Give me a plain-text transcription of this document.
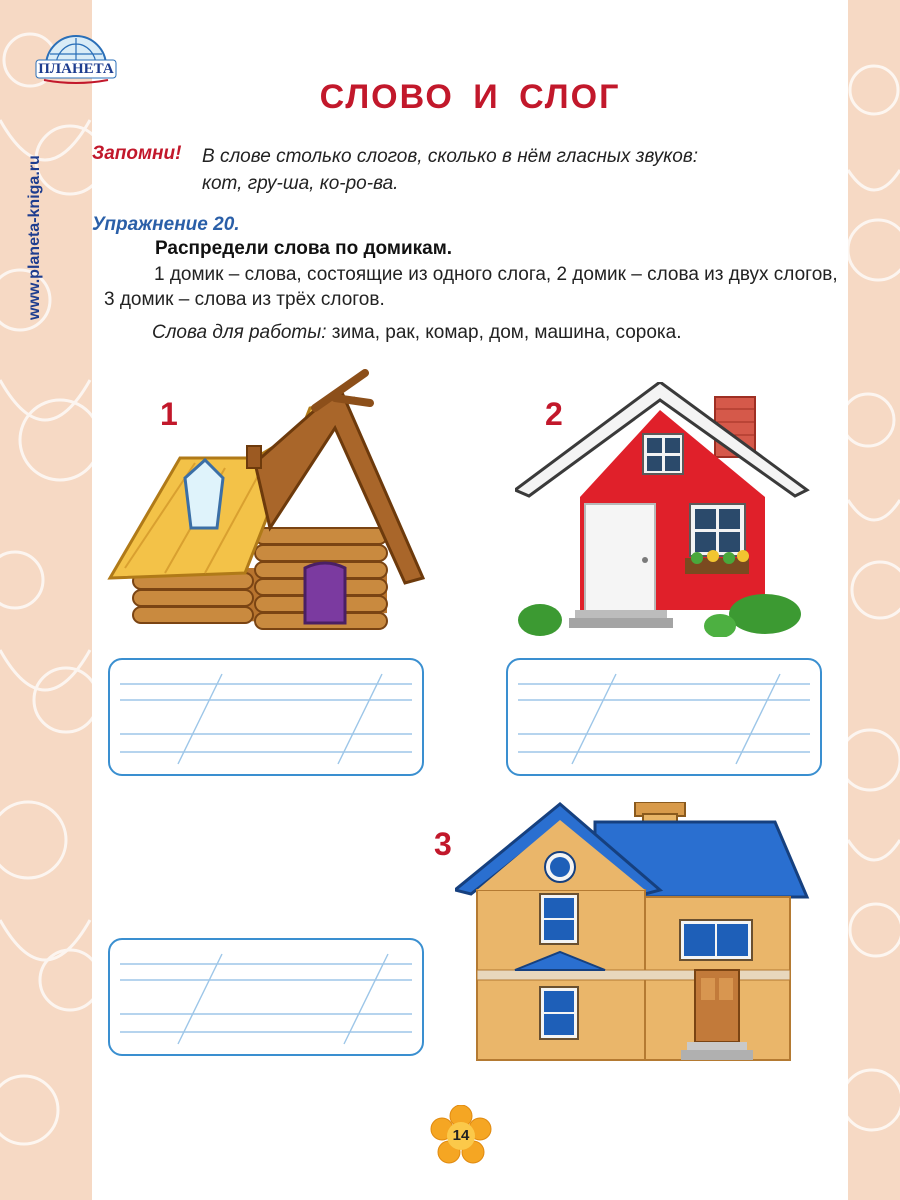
ПЛАНЕТА
www.planeta-kniga.ru
СЛОВО И СЛОГ
Запомни! В слове столько слогов, сколько в нём гласных звуков:
кот, гру-ша, ко-ро-ва.
Упражнение 20.
Распредели слова по домикам.
1 домик – слова, состоящие из одного слога, 2 домик – слова из двух слогов, 3 домик – слова из трёх слогов.
Слова для работы: зима, рак, комар, дом, машина, сорока.
1	2
3
14
